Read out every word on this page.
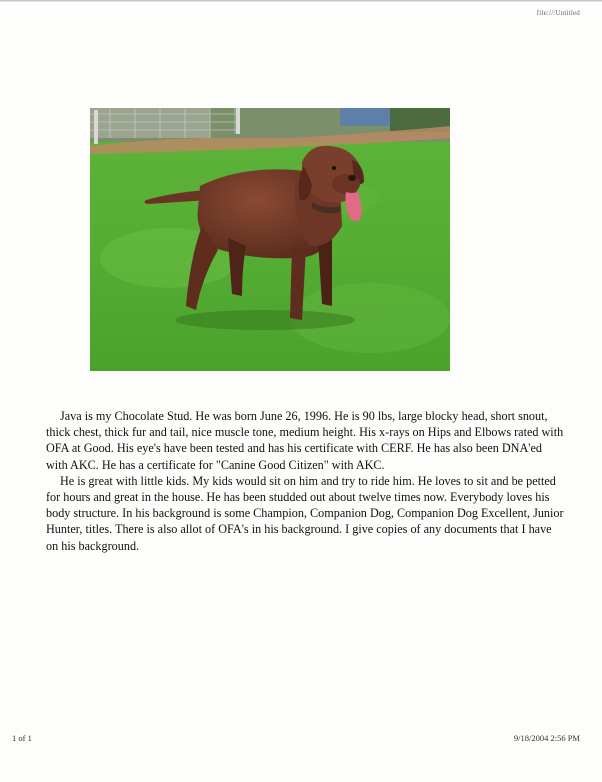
file:///Untitled

Java is my Chocolate Stud. He was born June 26, 1996. He is 90 lbs, large blocky head, short snout, thick chest, thick fur and tail, nice muscle tone, medium height. His x-rays on Hips and Elbows rated with OFA at Good. His eye's have been tested and has his certificate with CERF. He has also been DNA'ed with AKC. He has a certificate for "Canine Good Citizen" with AKC.

He is great with little kids. My kids would sit on him and try to ride him. He loves to sit and be petted for hours and great in the house. He has been studded out about twelve times now. Everybody loves his body structure. In his background is some Champion, Companion Dog, Companion Dog Excellent, Junior Hunter, titles. There is also allot of OFA's in his background. I give copies of any documents that I have on his background.

1 of 1	9/18/2004 2:56 PM
